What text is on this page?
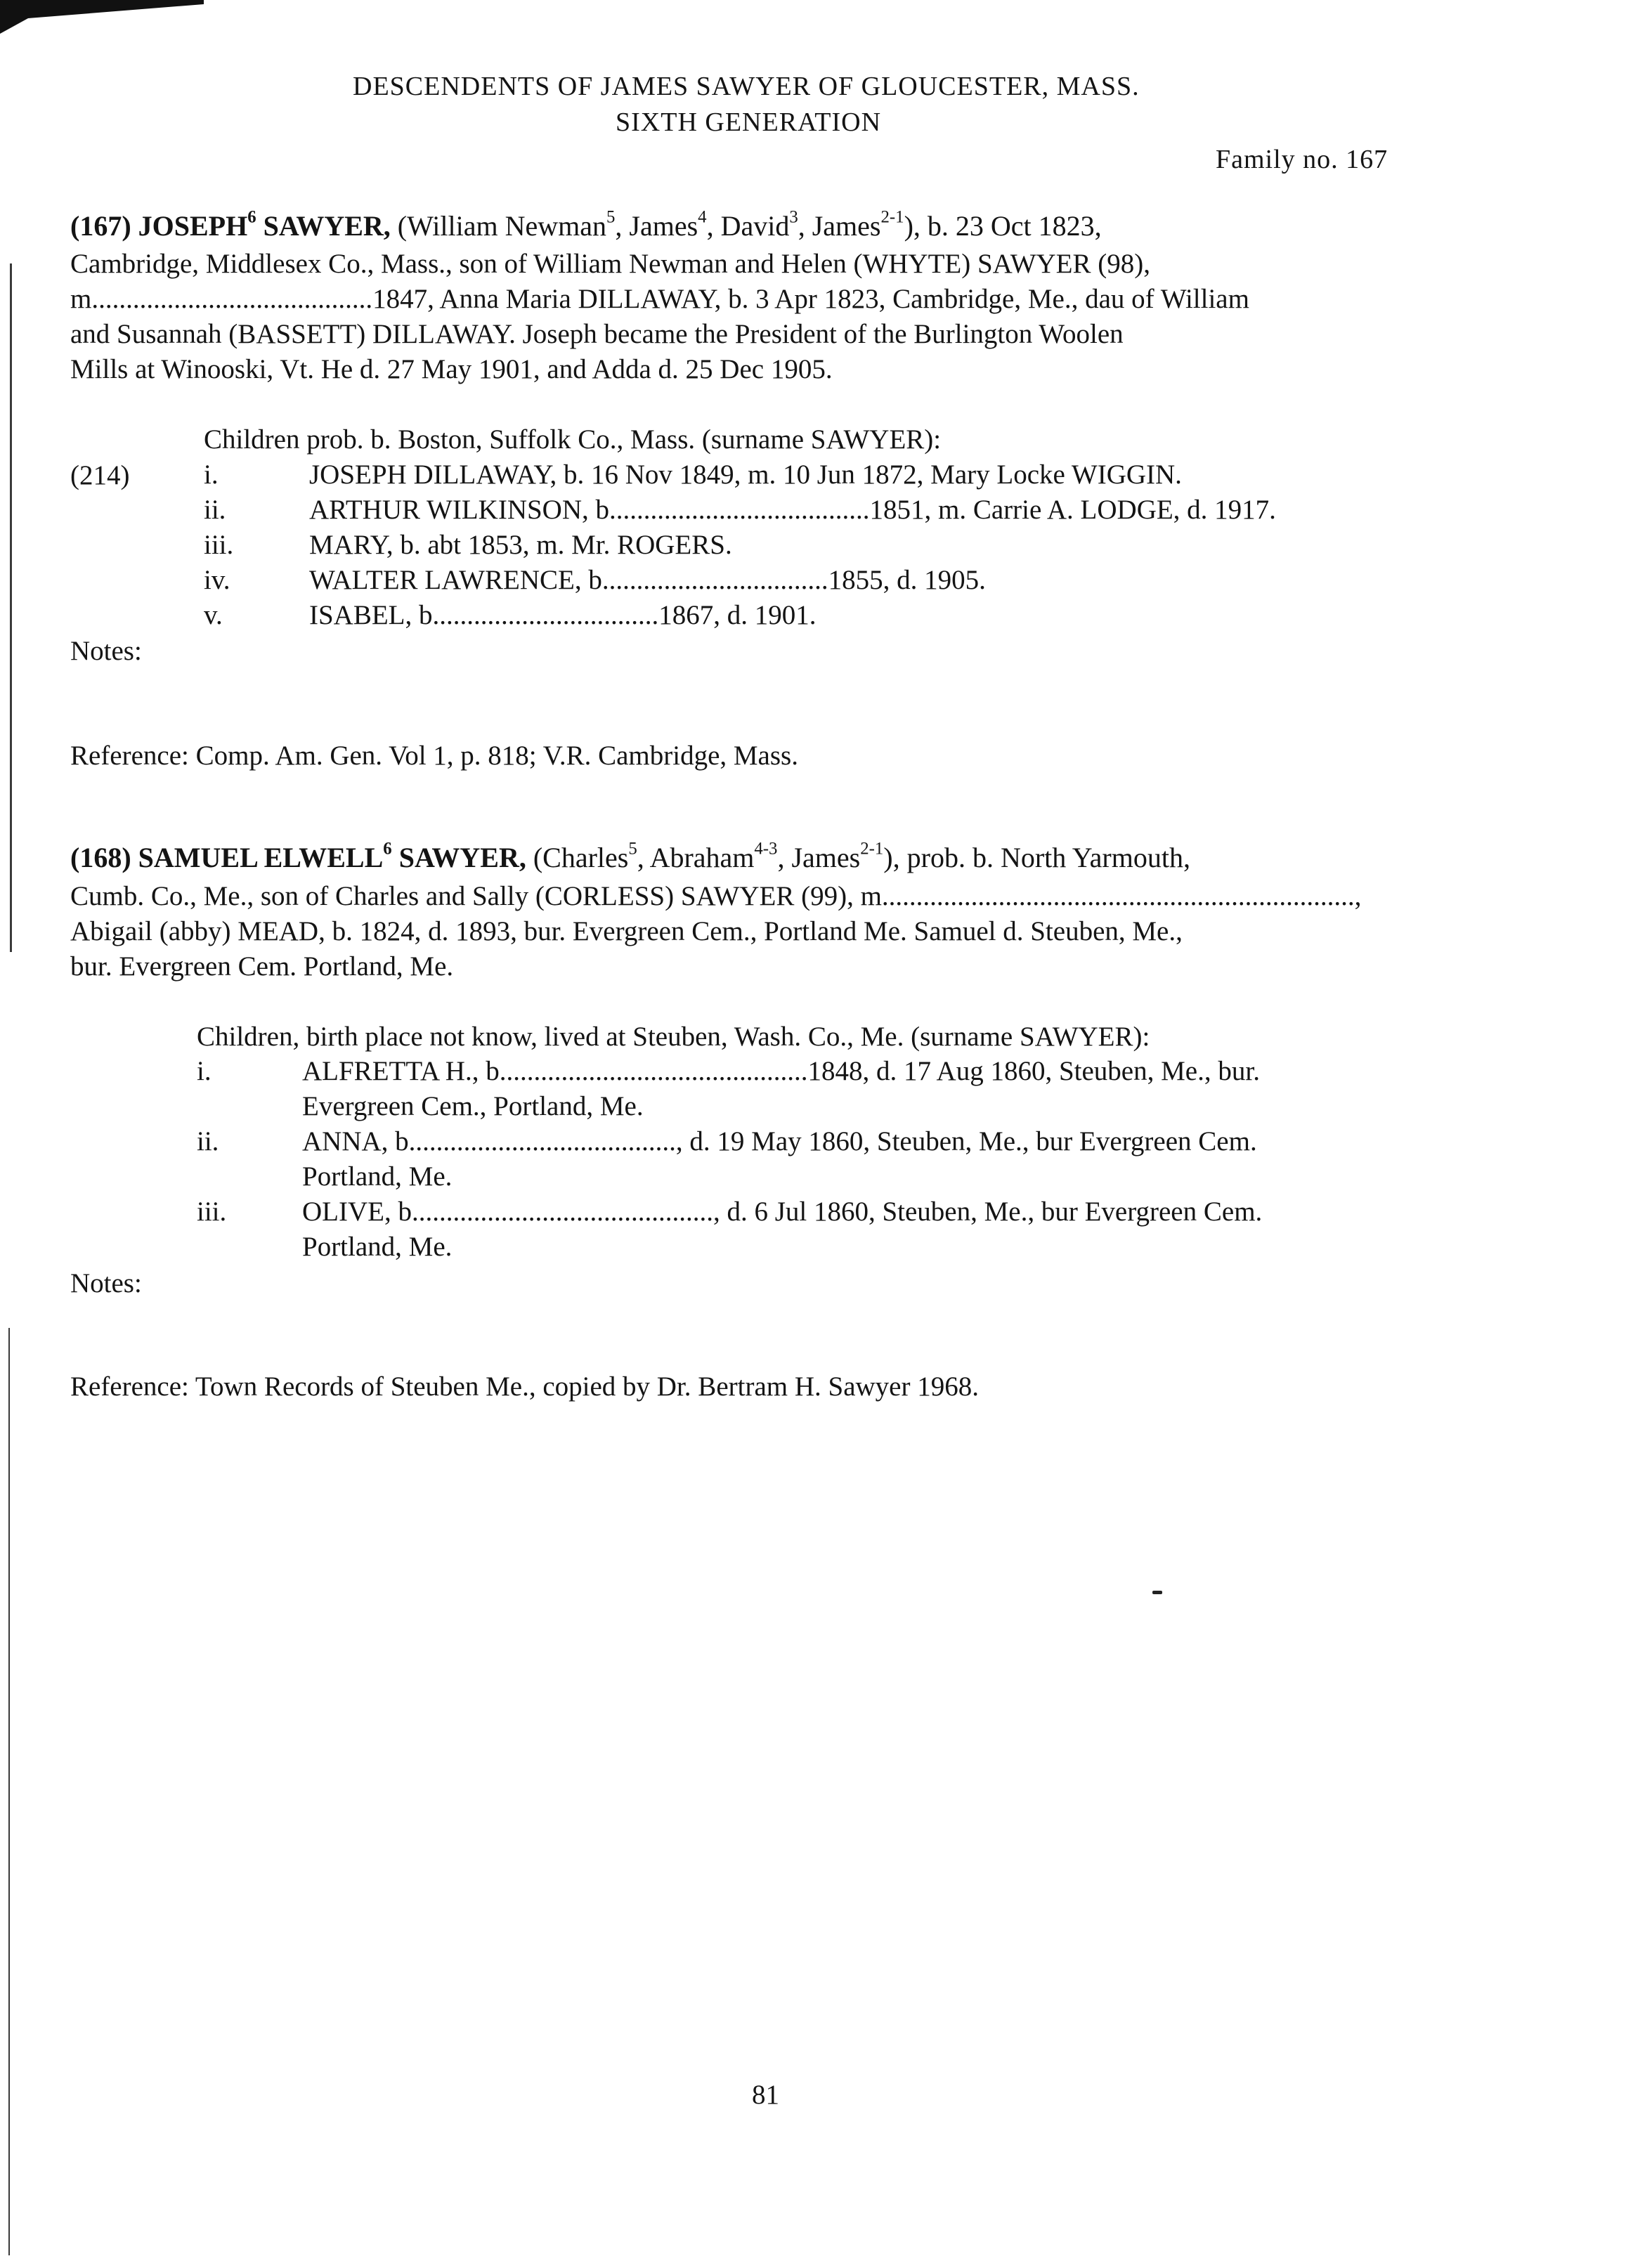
DESCENDENTS OF JAMES SAWYER OF GLOUCESTER, MASS.
SIXTH GENERATION
Family no. 167
(167) JOSEPH$^6$ SAWYER, (William Newman$^5$, James$^4$, David$^3$, James$^{2-1}$), b. 23 Oct 1823,
Cambridge, Middlesex Co., Mass., son of William Newman and Helen (WHYTE) SAWYER (98),
m.........................................1847, Anna Maria DILLAWAY, b. 3 Apr 1823, Cambridge, Me., dau of William
and Susannah (BASSETT) DILLAWAY. Joseph became the President of the Burlington Woolen
Mills at Winooski, Vt. He d. 27 May 1901, and Adda d. 25 Dec 1905.
Children prob. b. Boston, Suffolk Co., Mass. (surname SAWYER):
(214)	i.	JOSEPH DILLAWAY, b. 16 Nov 1849, m. 10 Jun 1872, Mary Locke WIGGIN.
ii.	ARTHUR WILKINSON, b......................................1851, m. Carrie A. LODGE, d. 1917.
iii.	MARY, b. abt 1853, m. Mr. ROGERS.
iv.	WALTER LAWRENCE, b.................................1855, d. 1905.
v.	ISABEL, b.................................1867, d. 1901.
Notes:
Reference: Comp. Am. Gen. Vol 1, p. 818; V.R. Cambridge, Mass.
(168) SAMUEL ELWELL$^6$ SAWYER, (Charles$^5$, Abraham$^{4-3}$, James$^{2-1}$), prob. b. North Yarmouth,
Cumb. Co., Me., son of Charles and Sally (CORLESS) SAWYER (99), m.....................................................................,
Abigail (abby) MEAD, b. 1824, d. 1893, bur. Evergreen Cem., Portland Me. Samuel d. Steuben, Me.,
bur. Evergreen Cem. Portland, Me.
Children, birth place not know, lived at Steuben, Wash. Co., Me. (surname SAWYER):
i.	ALFRETTA H., b.............................................1848, d. 17 Aug 1860, Steuben, Me., bur.
Evergreen Cem., Portland, Me.
ii.	ANNA, b......................................., d. 19 May 1860, Steuben, Me., bur Evergreen Cem.
Portland, Me.
iii.	OLIVE, b............................................, d. 6 Jul 1860, Steuben, Me., bur Evergreen Cem.
Portland, Me.
Notes:
Reference: Town Records of Steuben Me., copied by Dr. Bertram H. Sawyer 1968.
81
